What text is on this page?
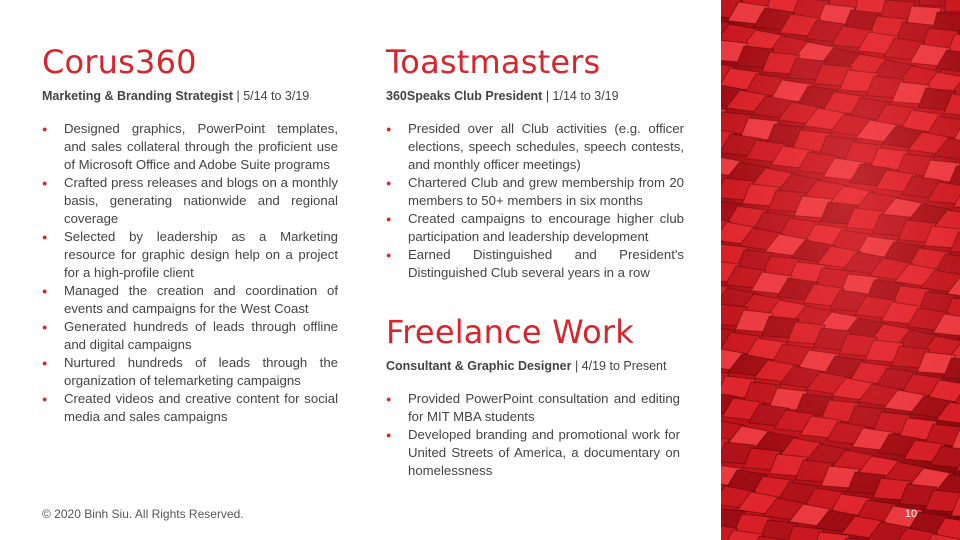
Corus360

Marketing & Branding Strategist | 5/14 to 3/19

● Designed graphics, PowerPoint templates, and sales collateral through the proficient use of Microsoft Office and Adobe Suite programs
● Crafted press releases and blogs on a monthly basis, generating nationwide and regional coverage
● Selected by leadership as a Marketing resource for graphic design help on a project for a high-profile client
● Managed the creation and coordination of events and campaigns for the West Coast
● Generated hundreds of leads through offline and digital campaigns
● Nurtured hundreds of leads through the organization of telemarketing campaigns
● Created videos and creative content for social media and sales campaigns
Toastmasters

360Speaks Club President | 1/14 to 3/19

● Presided over all Club activities (e.g. officer elections, speech schedules, speech contests, and monthly officer meetings)
● Chartered Club and grew membership from 20 members to 50+ members in six months
● Created campaigns to encourage higher club participation and leadership development
● Earned Distinguished and President's Distinguished Club several years in a row
Freelance Work

Consultant & Graphic Designer | 4/19 to Present

● Provided PowerPoint consultation and editing for MIT MBA students
● Developed branding and promotional work for United Streets of America, a documentary on homelessness
© 2020 Binh Siu. All Rights Reserved.	10
